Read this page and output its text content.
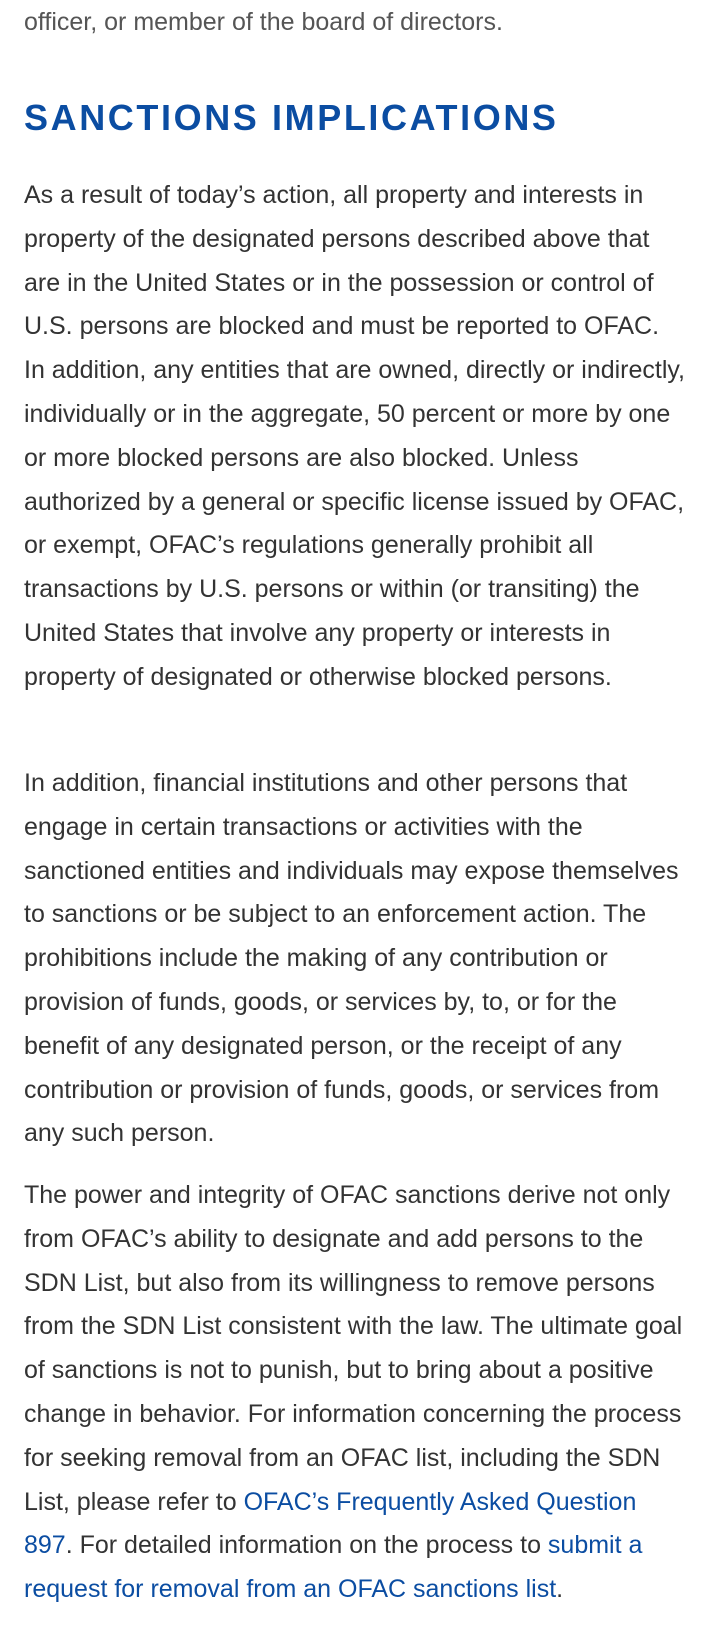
officer, or member of the board of directors.
SANCTIONS IMPLICATIONS

As a result of today’s action, all property and interests in property of the designated persons described above that are in the United States or in the possession or control of U.S. persons are blocked and must be reported to OFAC. In addition, any entities that are owned, directly or indirectly, individually or in the aggregate, 50 percent or more by one or more blocked persons are also blocked. Unless authorized by a general or specific license issued by OFAC, or exempt, OFAC’s regulations generally prohibit all transactions by U.S. persons or within (or transiting) the United States that involve any property or interests in property of designated or otherwise blocked persons.

In addition, financial institutions and other persons that engage in certain transactions or activities with the sanctioned entities and individuals may expose themselves to sanctions or be subject to an enforcement action. The prohibitions include the making of any contribution or provision of funds, goods, or services by, to, or for the benefit of any designated person, or the receipt of any contribution or provision of funds, goods, or services from any such person.

The power and integrity of OFAC sanctions derive not only from OFAC’s ability to designate and add persons to the SDN List, but also from its willingness to remove persons from the SDN List consistent with the law. The ultimate goal of sanctions is not to punish, but to bring about a positive change in behavior. For information concerning the process for seeking removal from an OFAC list, including the SDN List, please refer to OFAC’s Frequently Asked Question 897. For detailed information on the process to submit a request for removal from an OFAC sanctions list.
